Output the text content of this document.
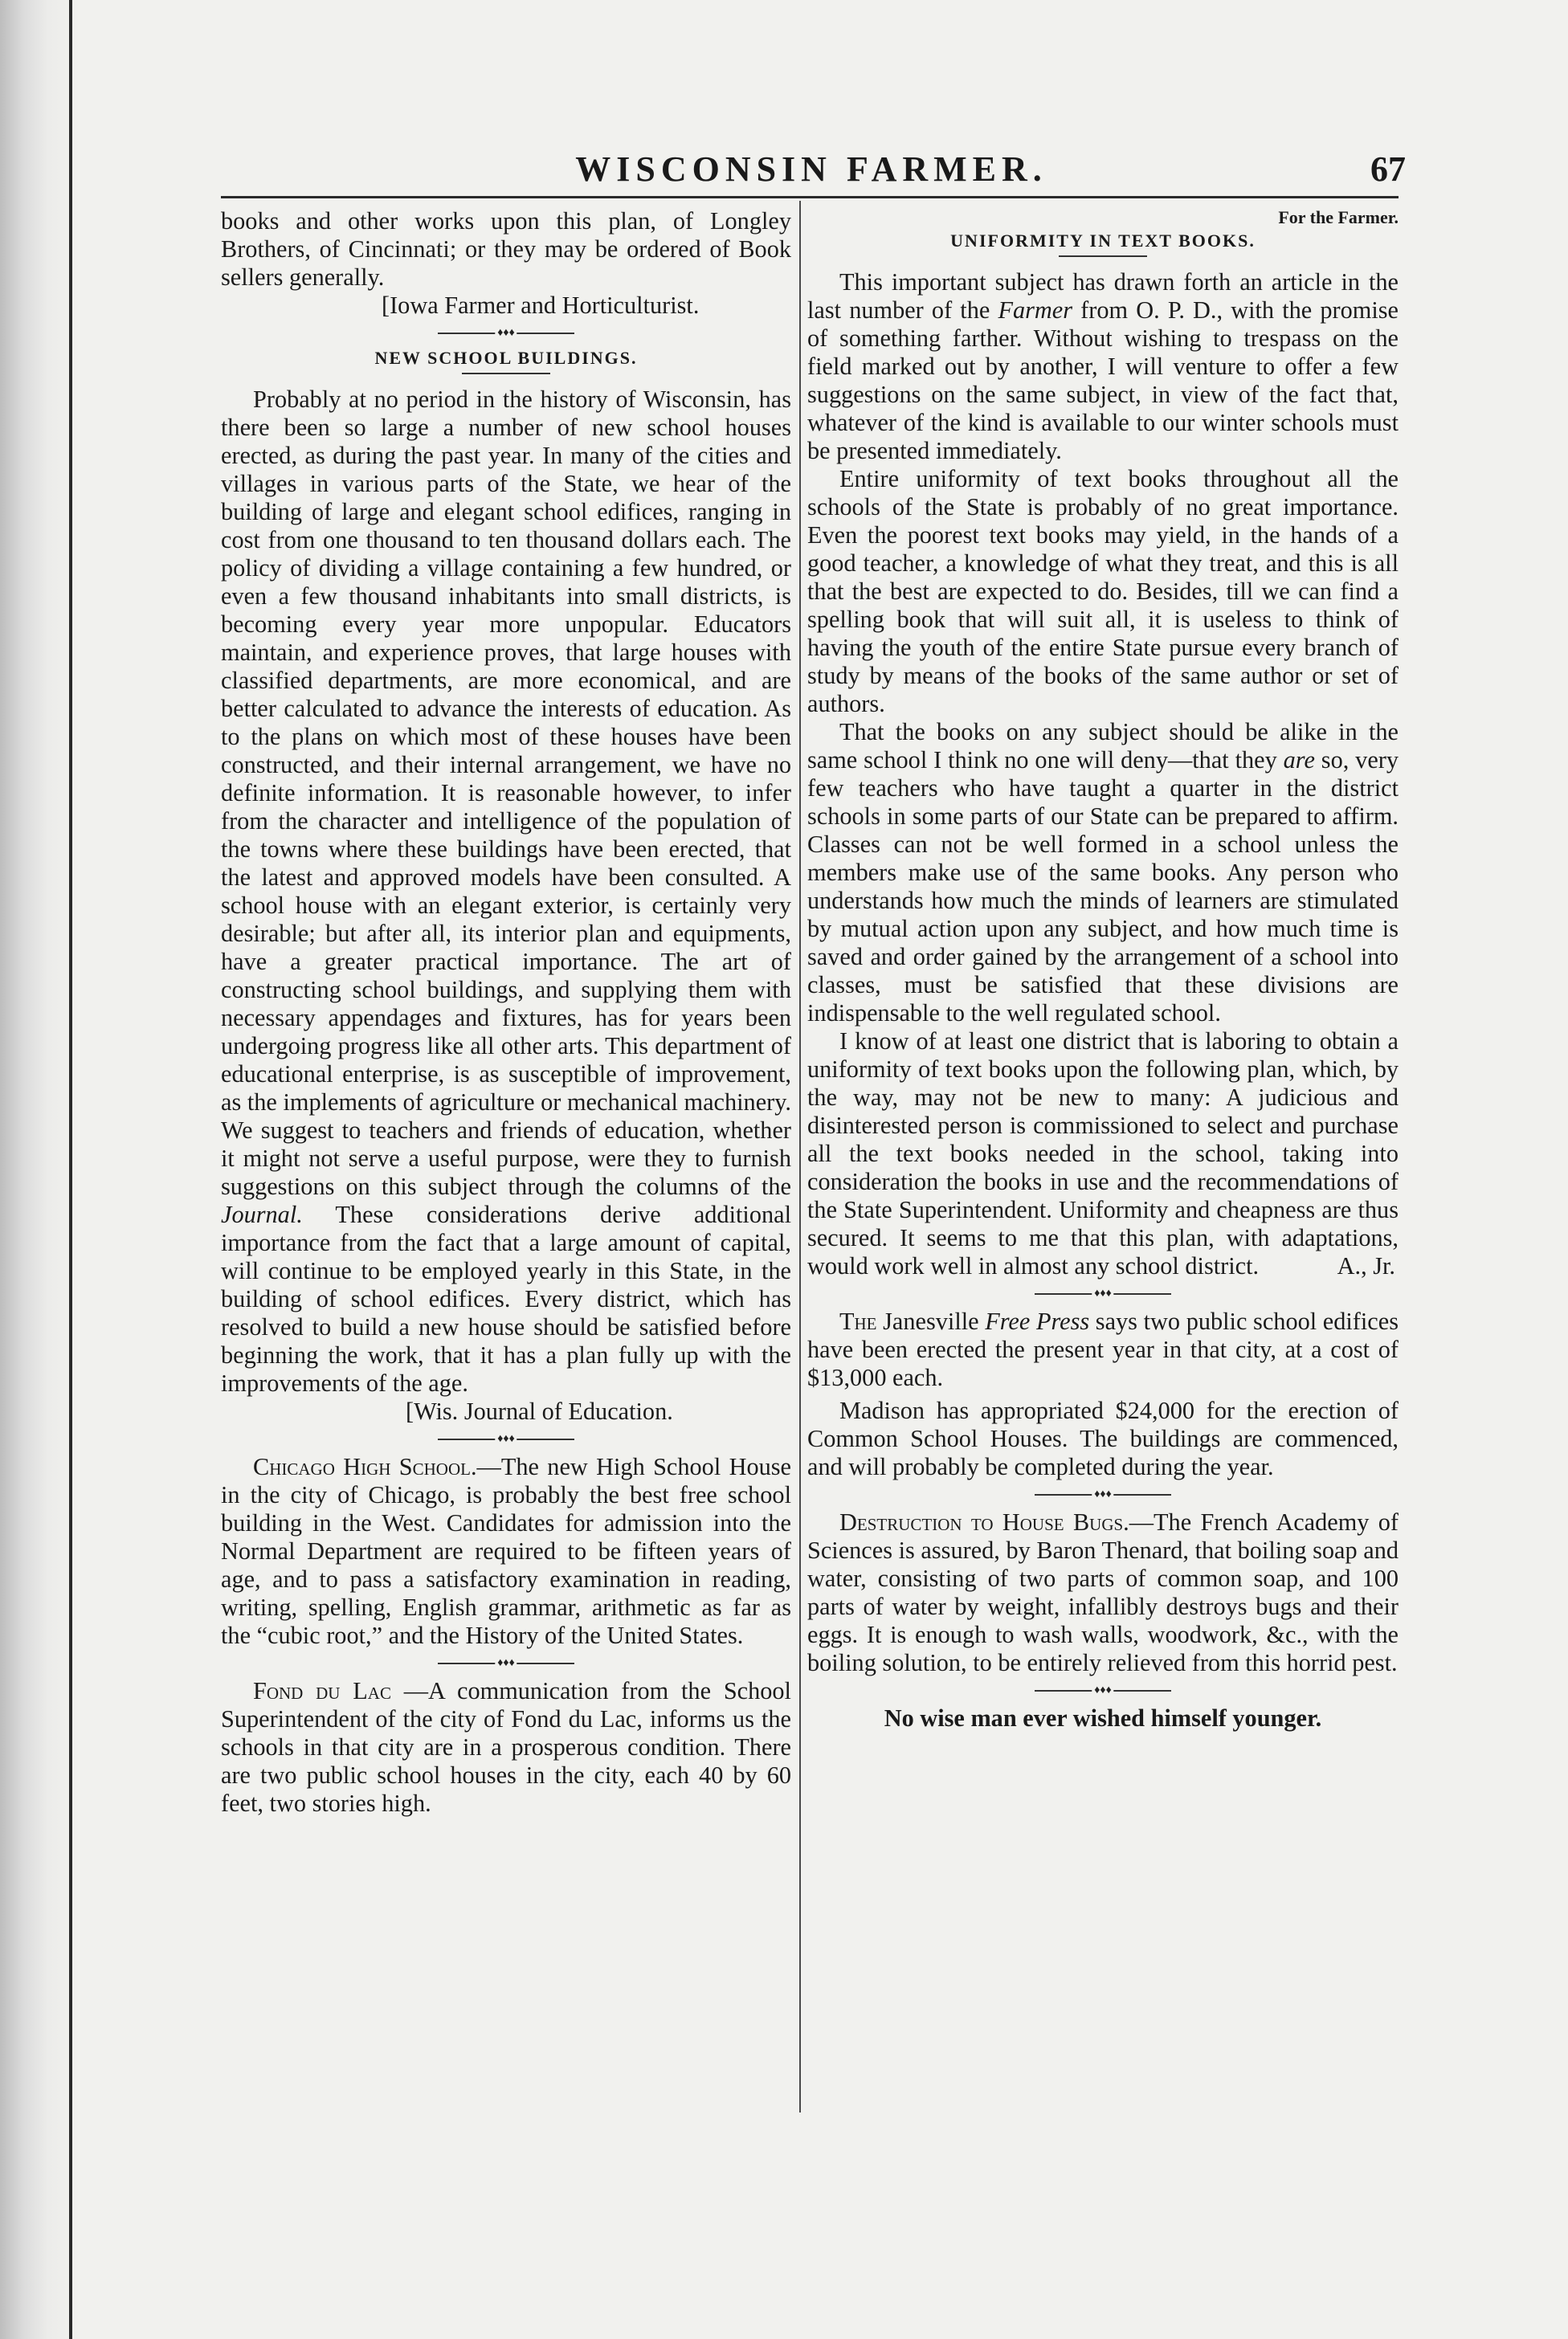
WISCONSIN FARMER.	67

books and other works upon this plan, of Longley Brothers, of Cincinnati; or they may be ordered of Book sellers generally.

[Iowa Farmer and Horticulturist.
♦♦♦
NEW SCHOOL BUILDINGS.

Probably at no period in the history of Wisconsin, has there been so large a number of new school houses erected, as during the past year. In many of the cities and villages in various parts of the State, we hear of the building of large and elegant school edifices, ranging in cost from one thousand to ten thousand dollars each. The policy of dividing a village containing a few hundred, or even a few thousand inhabitants into small districts, is becoming every year more unpopular. Educators maintain, and experience proves, that large houses with classified departments, are more economical, and are better calculated to advance the interests of education. As to the plans on which most of these houses have been constructed, and their internal arrangement, we have no definite information. It is reasonable however, to infer from the character and intelligence of the population of the towns where these buildings have been erected, that the latest and approved models have been consulted. A school house with an elegant exterior, is certainly very desirable; but after all, its interior plan and equipments, have a greater practical importance. The art of constructing school buildings, and supplying them with necessary appendages and fixtures, has for years been undergoing progress like all other arts. This department of educational enterprise, is as susceptible of improvement, as the implements of agriculture or mechanical machinery. We suggest to teachers and friends of education, whether it might not serve a useful purpose, were they to furnish suggestions on this subject through the columns of the Journal. These considerations derive additional importance from the fact that a large amount of capital, will continue to be employed yearly in this State, in the building of school edifices. Every district, which has resolved to build a new house should be satisfied before beginning the work, that it has a plan fully up with the improvements of the age.

[Wis. Journal of Education.
♦♦♦

Chicago High School.—The new High School House in the city of Chicago, is probably the best free school building in the West. Candidates for admission into the Normal Department are required to be fifteen years of age, and to pass a satisfactory examination in reading, writing, spelling, English grammar, arithmetic as far as the “cubic root,” and the History of the United States.

♦♦♦

Fond du Lac —A communication from the School Superintendent of the city of Fond du Lac, informs us the schools in that city are in a prosperous condition. There are two public school houses in the city, each 40 by 60 feet, two stories high.

For the Farmer.
UNIFORMITY IN TEXT BOOKS.

This important subject has drawn forth an article in the last number of the Farmer from O. P. D., with the promise of something farther. Without wishing to trespass on the field marked out by another, I will venture to offer a few suggestions on the same subject, in view of the fact that, whatever of the kind is available to our winter schools must be presented immediately.

Entire uniformity of text books throughout all the schools of the State is probably of no great importance. Even the poorest text books may yield, in the hands of a good teacher, a knowledge of what they treat, and this is all that the best are expected to do. Besides, till we can find a spelling book that will suit all, it is useless to think of having the youth of the entire State pursue every branch of study by means of the books of the same author or set of authors.

That the books on any subject should be alike in the same school I think no one will deny—that they are so, very few teachers who have taught a quarter in the district schools in some parts of our State can be prepared to affirm. Classes can not be well formed in a school unless the members make use of the same books. Any person who understands how much the minds of learners are stimulated by mutual action upon any subject, and how much time is saved and order gained by the arrangement of a school into classes, must be satisfied that these divisions are indispensable to the well regulated school.

I know of at least one district that is laboring to obtain a uniformity of text books upon the following plan, which, by the way, may not be new to many: A judicious and disinterested person is commissioned to select and purchase all the text books needed in the school, taking into consideration the books in use and the recommendations of the State Superintendent. Uniformity and cheapness are thus secured. It seems to me that this plan, with adaptations, would work well in almost any school district.	A., Jr.
♦♦♦

The Janesville Free Press says two public school edifices have been erected the present year in that city, at a cost of $13,000 each.

Madison has appropriated $24,000 for the erection of Common School Houses. The buildings are commenced, and will probably be completed during the year.

♦♦♦

Destruction to House Bugs.—The French Academy of Sciences is assured, by Baron Thenard, that boiling soap and water, consisting of two parts of common soap, and 100 parts of water by weight, infallibly destroys bugs and their eggs. It is enough to wash walls, woodwork, &c., with the boiling solution, to be entirely relieved from this horrid pest.

♦♦♦
No wise man ever wished himself younger.
